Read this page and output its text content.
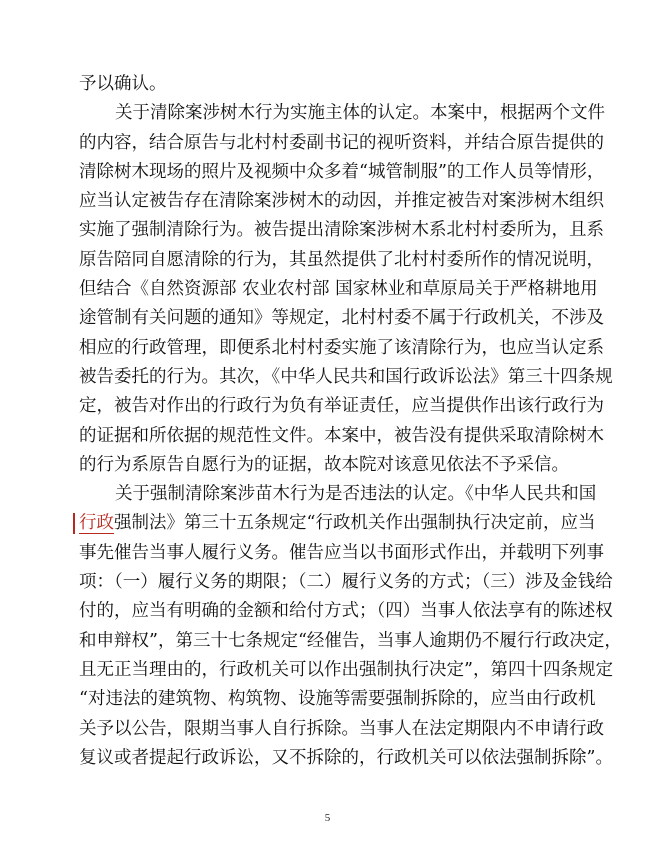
予以确认。
关于清除案涉树木行为实施主体的认定。本案中，根据两个文件
的内容，结合原告与北村村委副书记的视听资料，并结合原告提供的
清除树木现场的照片及视频中众多着“城管制服”的工作人员等情形，
应当认定被告存在清除案涉树木的动因，并推定被告对案涉树木组织
实施了强制清除行为。被告提出清除案涉树木系北村村委所为，且系
原告陪同自愿清除的行为，其虽然提供了北村村委所作的情况说明，
但结合《自然资源部 农业农村部 国家林业和草原局关于严格耕地用
途管制有关问题的通知》等规定，北村村委不属于行政机关，不涉及
相应的行政管理，即便系北村村委实施了该清除行为，也应当认定系
被告委托的行为。其次，《中华人民共和国行政诉讼法》第三十四条规
定，被告对作出的行政行为负有举证责任，应当提供作出该行政行为
的证据和所依据的规范性文件。本案中，被告没有提供采取清除树木
的行为系原告自愿行为的证据，故本院对该意见依法不予采信。
关于强制清除案涉苗木行为是否违法的认定。《中华人民共和国
行政强制法》第三十五条规定“行政机关作出强制执行决定前，应当
事先催告当事人履行义务。催告应当以书面形式作出，并载明下列事
项：（一）履行义务的期限；（二）履行义务的方式；（三）涉及金钱给
付的，应当有明确的金额和给付方式；（四）当事人依法享有的陈述权
和申辩权”，第三十七条规定“经催告，当事人逾期仍不履行行政决定，
且无正当理由的，行政机关可以作出强制执行决定”，第四十四条规定
“对违法的建筑物、构筑物、设施等需要强制拆除的，应当由行政机
关予以公告，限期当事人自行拆除。当事人在法定期限内不申请行政
复议或者提起行政诉讼，又不拆除的，行政机关可以依法强制拆除”。
5
